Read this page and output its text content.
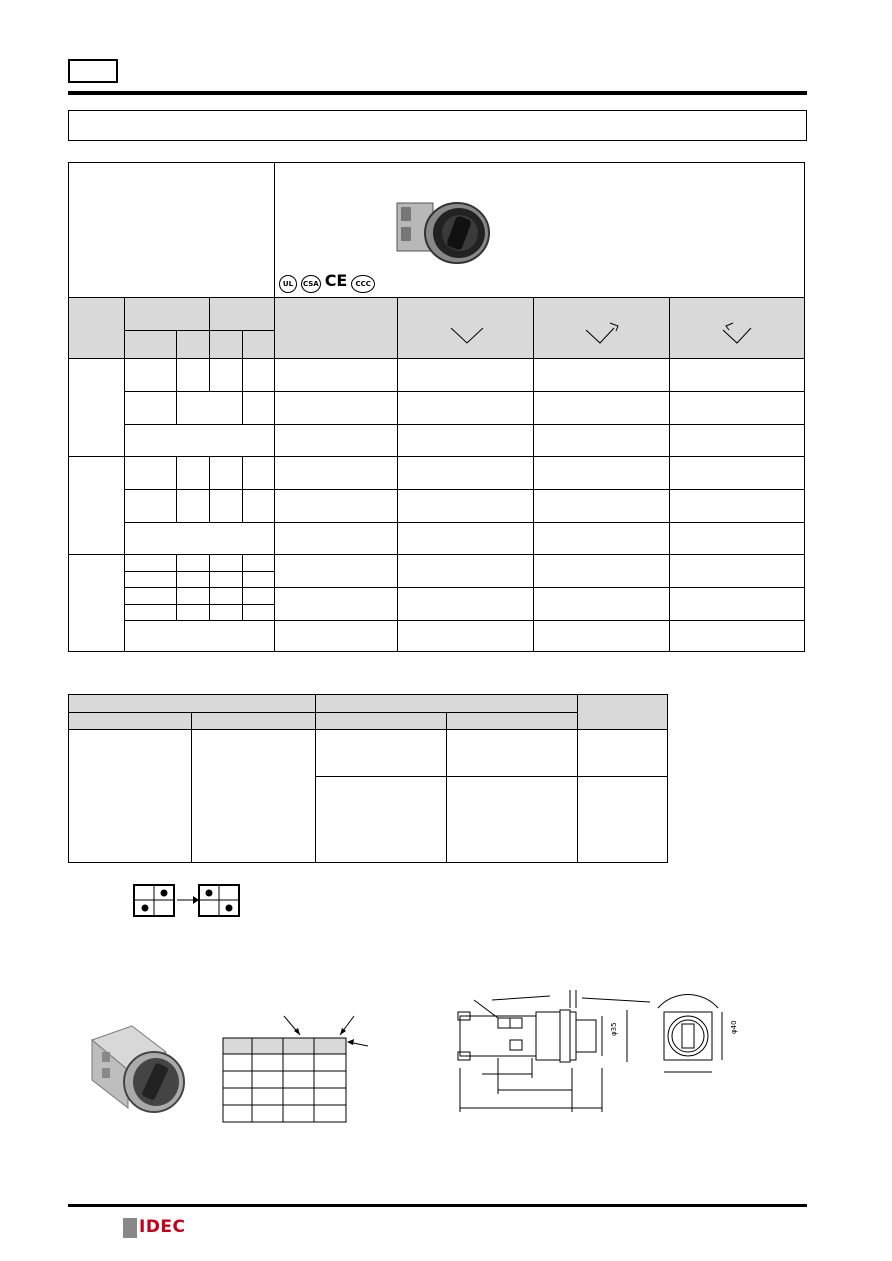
UL CSA CE CCC
φ35	φ40
IDEC
